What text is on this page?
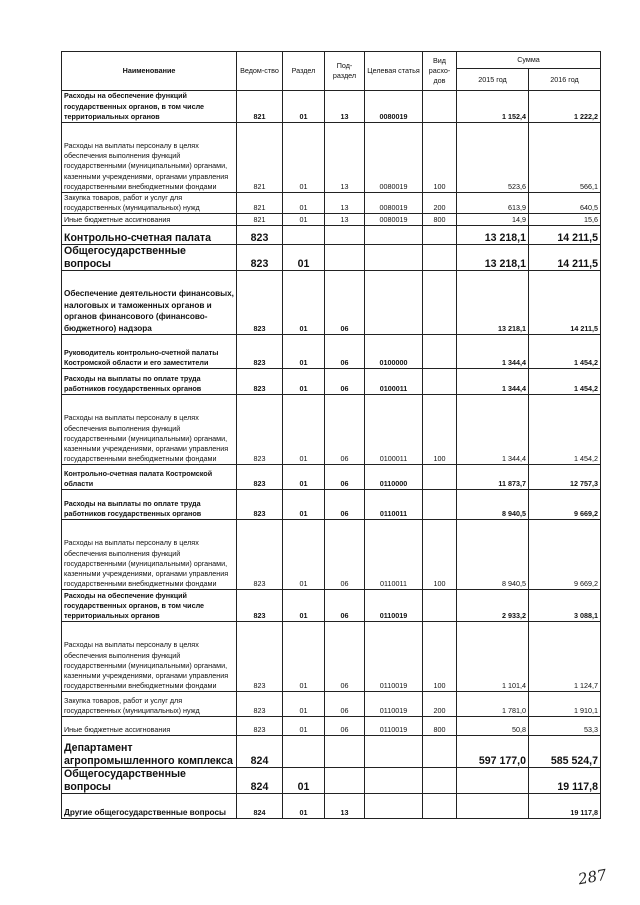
Наименование	Ведом-ство	Раздел	Под-раздел	Целевая статья	Вид расхо-дов	Сумма	
						2015 год	2016 год
Расходы на обеспечение функций государственных органов, в том числе территориальных органов	821	01	13	0080019		1 152,4	1 222,2
Расходы на выплаты персоналу в целях обеспечения выполнения функций государственными (муниципальными) органами, казенными учреждениями, органами управления государственными внебюджетными фондами	821	01	13	0080019	100	523,6	566,1
Закупка товаров, работ и услуг для государственных (муниципальных) нужд	821	01	13	0080019	200	613,9	640,5
Иные бюджетные ассигнования	821	01	13	0080019	800	14,9	15,6
Контрольно-счетная палата	823					13 218,1	14 211,5
Общегосударственные вопросы	823	01				13 218,1	14 211,5
Обеспечение деятельности финансовых, налоговых и таможенных органов и органов финансового (финансово-бюджетного) надзора	823	01	06			13 218,1	14 211,5
Руководитель контрольно-счетной палаты Костромской области и его заместители	823	01	06	0100000		1 344,4	1 454,2
Расходы на выплаты по оплате труда работников государственных органов	823	01	06	0100011		1 344,4	1 454,2
Расходы на выплаты персоналу в целях обеспечения выполнения функций государственными (муниципальными) органами, казенными учреждениями, органами управления государственными внебюджетными фондами	823	01	06	0100011	100	1 344,4	1 454,2
Контрольно-счетная палата Костромской области	823	01	06	0110000		11 873,7	12 757,3
Расходы на выплаты по оплате труда работников государственных органов	823	01	06	0110011		8 940,5	9 669,2
Расходы на выплаты персоналу в целях обеспечения выполнения функций государственными (муниципальными) органами, казенными учреждениями, органами управления государственными внебюджетными фондами	823	01	06	0110011	100	8 940,5	9 669,2
Расходы на обеспечение функций государственных органов, в том числе территориальных органов	823	01	06	0110019		2 933,2	3 088,1
Расходы на выплаты персоналу в целях обеспечения выполнения функций государственными (муниципальными) органами, казенными учреждениями, органами управления государственными внебюджетными фондами	823	01	06	0110019	100	1 101,4	1 124,7
Закупка товаров, работ и услуг для государственных (муниципальных) нужд	823	01	06	0110019	200	1 781,0	1 910,1
Иные бюджетные ассигнования	823	01	06	0110019	800	50,8	53,3
Департамент агропромышленного комплекса	824					597 177,0	585 524,7
Общегосударственные вопросы	824	01					19 117,8
Другие общегосударственные вопросы	824	01	13				19 117,8
287
